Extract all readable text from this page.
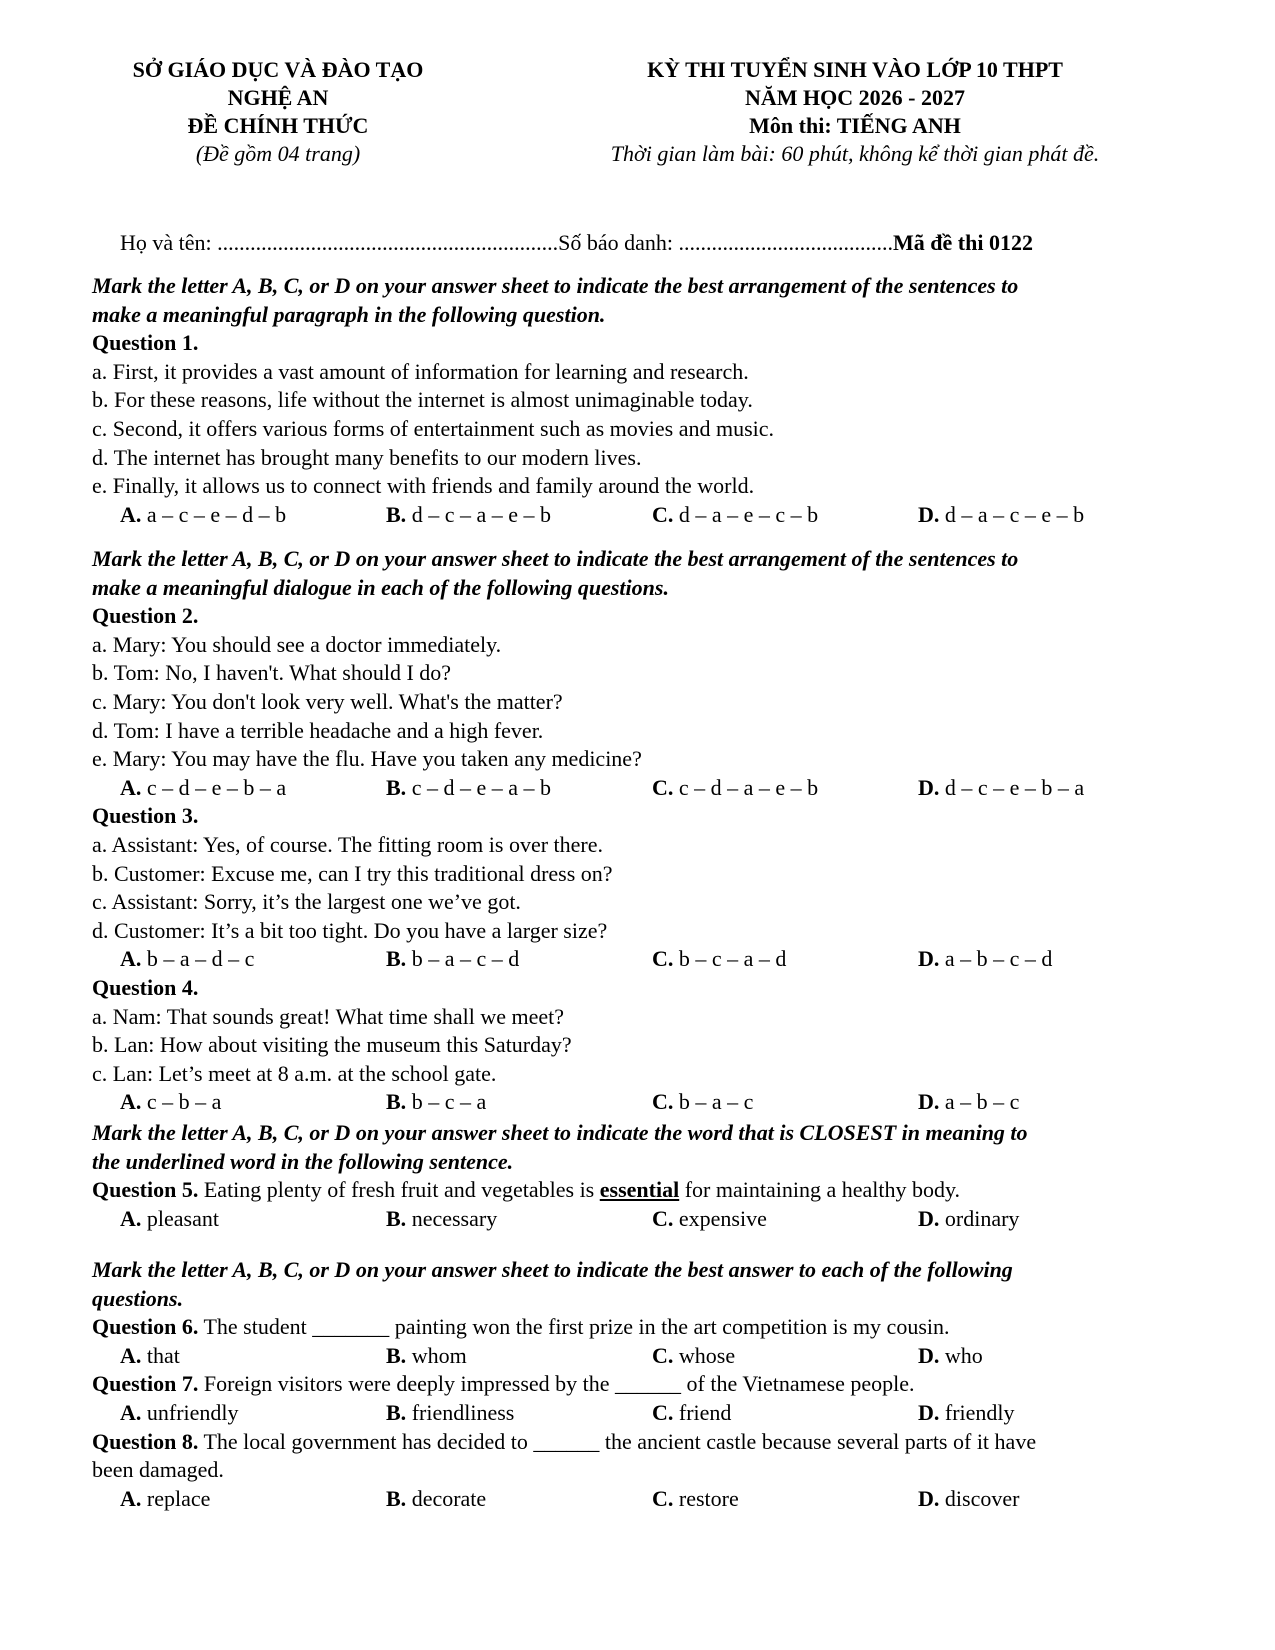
SỞ GIÁO DỤC VÀ ĐÀO TẠO
NGHỆ AN
ĐỀ CHÍNH THỨC
(Đề gồm 04 trang)
KỲ THI TUYỂN SINH VÀO LỚP 10 THPT
NĂM HỌC 2026 - 2027
Môn thi: TIẾNG ANH
Thời gian làm bài: 60 phút, không kể thời gian phát đề.
Họ và tên: ..............................................................Số báo danh: .......................................Mã đề thi 0122
Mark the letter A, B, C, or D on your answer sheet to indicate the best arrangement of the sentences to
make a meaningful paragraph in the following question.
Question 1.
a. First, it provides a vast amount of information for learning and research.
b. For these reasons, life without the internet is almost unimaginable today.
c. Second, it offers various forms of entertainment such as movies and music.
d. The internet has brought many benefits to our modern lives.
e. Finally, it allows us to connect with friends and family around the world.
A. a – c – e – d – b	B. d – c – a – e – b	C. d – a – e – c – b	D. d – a – c – e – b
Mark the letter A, B, C, or D on your answer sheet to indicate the best arrangement of the sentences to
make a meaningful dialogue in each of the following questions.
Question 2.
a. Mary: You should see a doctor immediately.
b. Tom: No, I haven't. What should I do?
c. Mary: You don't look very well. What's the matter?
d. Tom: I have a terrible headache and a high fever.
e. Mary: You may have the flu. Have you taken any medicine?
A. c – d – e – b – a	B. c – d – e – a – b	C. c – d – a – e – b	D. d – c – e – b – a
Question 3.
a. Assistant: Yes, of course. The fitting room is over there.
b. Customer: Excuse me, can I try this traditional dress on?
c. Assistant: Sorry, it’s the largest one we’ve got.
d. Customer: It’s a bit too tight. Do you have a larger size?
A. b – a – d – c	B. b – a – c – d	C. b – c – a – d	D. a – b – c – d
Question 4.
a. Nam: That sounds great! What time shall we meet?
b. Lan: How about visiting the museum this Saturday?
c. Lan: Let’s meet at 8 a.m. at the school gate.
A. c – b – a	B. b – c – a	C. b – a – c	D. a – b – c
Mark the letter A, B, C, or D on your answer sheet to indicate the word that is CLOSEST in meaning to
the underlined word in the following sentence.
Question 5. Eating plenty of fresh fruit and vegetables is essential for maintaining a healthy body.
A. pleasant	B. necessary	C. expensive	D. ordinary
Mark the letter A, B, C, or D on your answer sheet to indicate the best answer to each of the following
questions.
Question 6. The student _______ painting won the first prize in the art competition is my cousin.
A. that	B. whom	C. whose	D. who
Question 7. Foreign visitors were deeply impressed by the ______ of the Vietnamese people.
A. unfriendly	B. friendliness	C. friend	D. friendly
Question 8. The local government has decided to ______ the ancient castle because several parts of it have
been damaged.
A. replace	B. decorate	C. restore	D. discover
